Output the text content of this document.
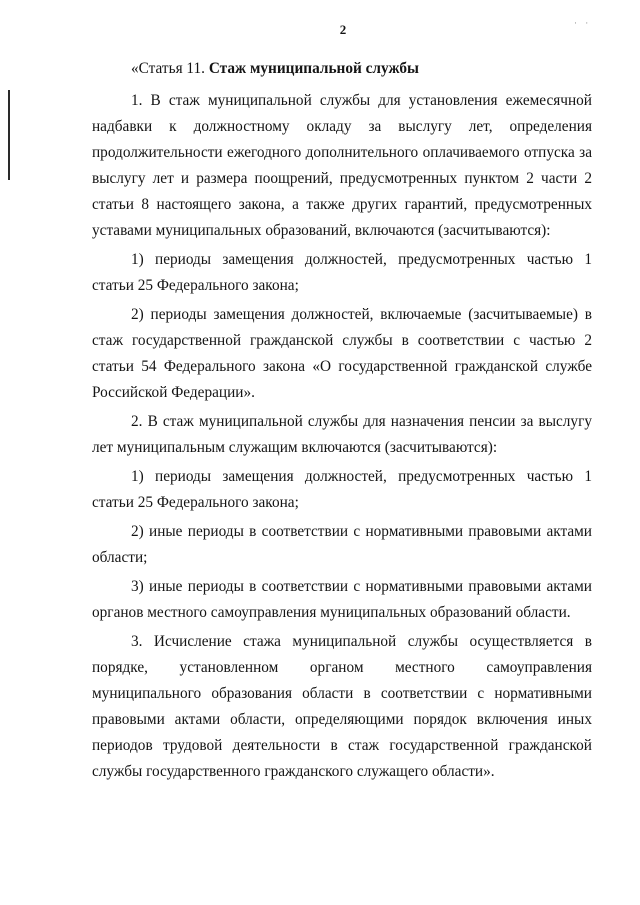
2	· ·

«Статья 11. Стаж муниципальной службы

1. В стаж муниципальной службы для установления ежемесячной надбавки к должностному окладу за выслугу лет, определения продолжительности ежегодного дополнительного оплачиваемого отпуска за выслугу лет и размера поощрений, предусмотренных пунктом 2 части 2 статьи 8 настоящего закона, а также других гарантий, предусмотренных уставами муниципальных образований, включаются (засчитываются):

1) периоды замещения должностей, предусмотренных частью 1 статьи 25 Федерального закона;

2) периоды замещения должностей, включаемые (засчитываемые) в стаж государственной гражданской службы в соответствии с частью 2 статьи 54 Федерального закона «О государственной гражданской службе Российской Федерации».

2. В стаж муниципальной службы для назначения пенсии за выслугу лет муниципальным служащим включаются (засчитываются):

1) периоды замещения должностей, предусмотренных частью 1 статьи 25 Федерального закона;

2) иные периоды в соответствии с нормативными правовыми актами области;

3) иные периоды в соответствии с нормативными правовыми актами органов местного самоуправления муниципальных образований области.

3. Исчисление стажа муниципальной службы осуществляется в порядке, установленном органом местного самоуправления муниципального образования области в соответствии с нормативными правовыми актами области, определяющими порядок включения иных периодов трудовой деятельности в стаж государственной гражданской службы государственного гражданского служащего области».
